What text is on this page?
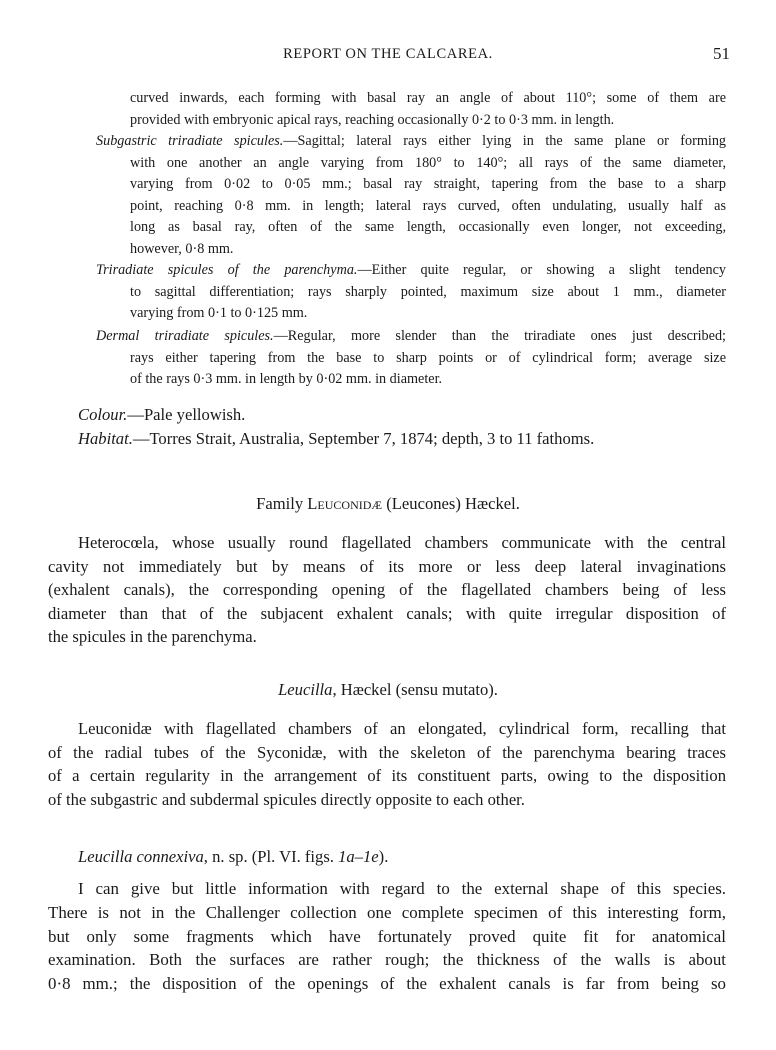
REPORT ON THE CALCAREA.	51
curved inwards, each forming with basal ray an angle of about 110°; some of them are
provided with embryonic apical rays, reaching occasionally 0·2 to 0·3 mm. in length.
Subgastric triradiate spicules.—Sagittal; lateral rays either lying in the same plane or forming
with one another an angle varying from 180° to 140°; all rays of the same diameter,
varying from 0·02 to 0·05 mm.; basal ray straight, tapering from the base to a sharp
point, reaching 0·8 mm. in length; lateral rays curved, often undulating, usually half as
long as basal ray, often of the same length, occasionally even longer, not exceeding,
however, 0·8 mm.
Triradiate spicules of the parenchyma.—Either quite regular, or showing a slight tendency
to sagittal differentiation; rays sharply pointed, maximum size about 1 mm., diameter
varying from 0·1 to 0·125 mm.
Dermal triradiate spicules.—Regular, more slender than the triradiate ones just described;
rays either tapering from the base to sharp points or of cylindrical form; average size
of the rays 0·3 mm. in length by 0·02 mm. in diameter.
Colour.—Pale yellowish.
Habitat.—Torres Strait, Australia, September 7, 1874; depth, 3 to 11 fathoms.
Family Leuconidæ (Leucones) Hæckel.
Heterocœla, whose usually round flagellated chambers communicate with the central
cavity not immediately but by means of its more or less deep lateral invaginations
(exhalent canals), the corresponding opening of the flagellated chambers being of less
diameter than that of the subjacent exhalent canals; with quite irregular disposition of
the spicules in the parenchyma.
Leucilla, Hæckel (sensu mutato).
Leuconidæ with flagellated chambers of an elongated, cylindrical form, recalling that
of the radial tubes of the Syconidæ, with the skeleton of the parenchyma bearing traces
of a certain regularity in the arrangement of its constituent parts, owing to the disposition
of the subgastric and subdermal spicules directly opposite to each other.
Leucilla connexiva, n. sp. (Pl. VI. figs. 1a–1e).
I can give but little information with regard to the external shape of this species.
There is not in the Challenger collection one complete specimen of this interesting form,
but only some fragments which have fortunately proved quite fit for anatomical
examination. Both the surfaces are rather rough; the thickness of the walls is about
0·8 mm.; the disposition of the openings of the exhalent canals is far from being so
